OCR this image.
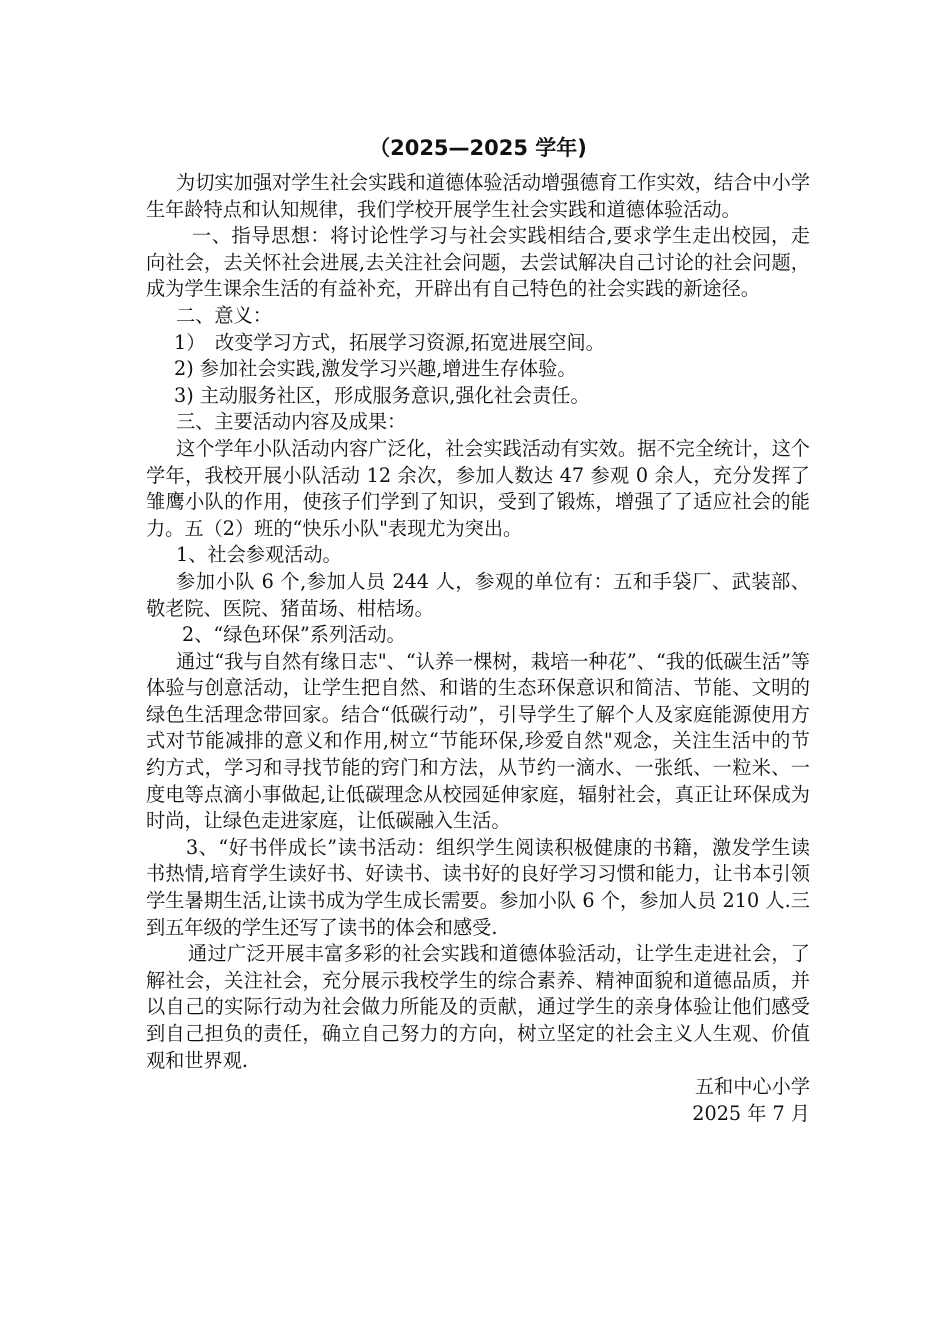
（2025—2025 学年)

为切实加强对学生社会实践和道德体验活动增强德育工作实效，结合中小学生年龄特点和认知规律，我们学校开展学生社会实践和道德体验活动。

一、指导思想：将讨论性学习与社会实践相结合,要求学生走出校园，走向社会，去关怀社会进展,去关注社会问题，去尝试解决自己讨论的社会问题，成为学生课余生活的有益补充，开辟出有自己特色的社会实践的新途径。

二、意义：

1）　改变学习方式，拓展学习资源,拓宽进展空间。

2) 参加社会实践,激发学习兴趣,增进生存体验。

3) 主动服务社区，形成服务意识,强化社会责任。

三、主要活动内容及成果：

这个学年小队活动内容广泛化，社会实践活动有实效。据不完全统计，这个学年，我校开展小队活动 12 余次，参加人数达 47 参观 0 余人，充分发挥了雏鹰小队的作用，使孩子们学到了知识，受到了锻炼，增强了了适应社会的能力。五（2）班的“快乐小队"表现尤为突出。

1、社会参观活动。

参加小队 6 个,参加人员 244 人，参观的单位有：五和手袋厂、武装部、敬老院、医院、猪苗场、柑桔场。

2、“绿色环保”系列活动。

通过“我与自然有缘日志"、“认养一棵树，栽培一种花”、“我的低碳生活”等体验与创意活动，让学生把自然、和谐的生态环保意识和简洁、节能、文明的绿色生活理念带回家。结合“低碳行动”，引导学生了解个人及家庭能源使用方式对节能减排的意义和作用,树立“节能环保,珍爱自然"观念，关注生活中的节约方式，学习和寻找节能的窍门和方法，从节约一滴水、一张纸、一粒米、一度电等点滴小事做起,让低碳理念从校园延伸家庭，辐射社会，真正让环保成为时尚，让绿色走进家庭，让低碳融入生活。

3、“好书伴成长”读书活动：组织学生阅读积极健康的书籍，激发学生读书热情,培育学生读好书、好读书、读书好的良好学习习惯和能力，让书本引领学生暑期生活,让读书成为学生成长需要。参加小队 6 个，参加人员 210 人.三到五年级的学生还写了读书的体会和感受.

通过广泛开展丰富多彩的社会实践和道德体验活动，让学生走进社会，了解社会，关注社会，充分展示我校学生的综合素养、精神面貌和道德品质，并以自己的实际行动为社会做力所能及的贡献，通过学生的亲身体验让他们感受到自己担负的责任，确立自己努力的方向，树立坚定的社会主义人生观、价值观和世界观.

五和中心小学

2025 年 7 月
